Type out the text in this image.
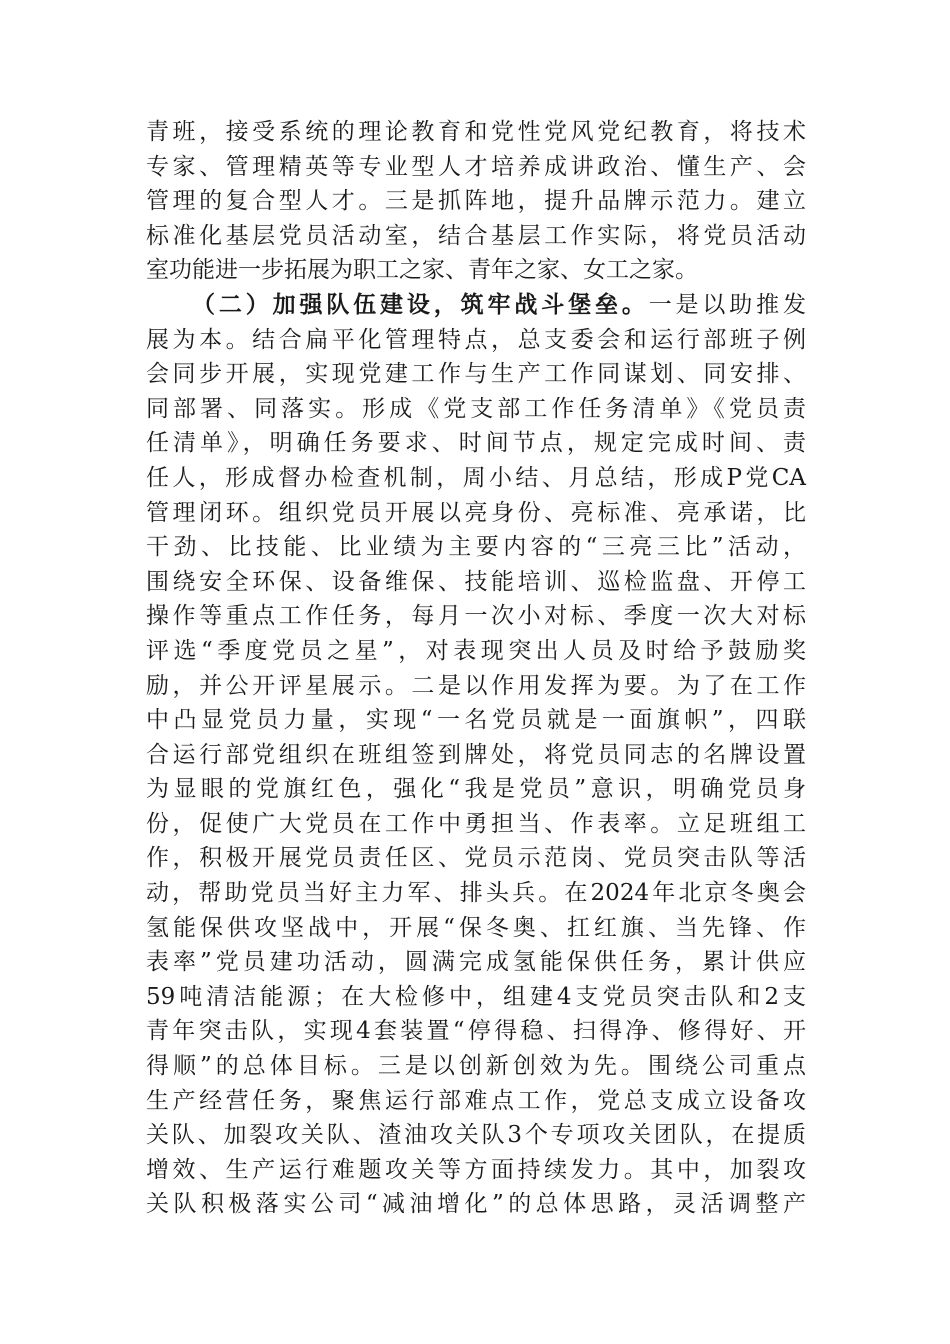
青班，接受系统的理论教育和党性党风党纪教育，将技术
专家、管理精英等专业型人才培养成讲政治、懂生产、会
管理的复合型人才。三是抓阵地，提升品牌示范力。建立
标准化基层党员活动室，结合基层工作实际，将党员活动
室功能进一步拓展为职工之家、青年之家、女工之家。
（二）加强队伍建设，筑牢战斗堡垒。一是以助推发
展为本。结合扁平化管理特点，总支委会和运行部班子例
会同步开展，实现党建工作与生产工作同谋划、同安排、
同部署、同落实。形成《党支部工作任务清单》《党员责
任清单》，明确任务要求、时间节点，规定完成时间、责
任人，形成督办检查机制，周小结、月总结，形成P党CA
管理闭环。组织党员开展以亮身份、亮标准、亮承诺，比
干劲、比技能、比业绩为主要内容的“三亮三比”活动，
围绕安全环保、设备维保、技能培训、巡检监盘、开停工
操作等重点工作任务，每月一次小对标、季度一次大对标
评选“季度党员之星”，对表现突出人员及时给予鼓励奖
励，并公开评星展示。二是以作用发挥为要。为了在工作
中凸显党员力量，实现“一名党员就是一面旗帜”，四联
合运行部党组织在班组签到牌处，将党员同志的名牌设置
为显眼的党旗红色，强化“我是党员”意识，明确党员身
份，促使广大党员在工作中勇担当、作表率。立足班组工
作，积极开展党员责任区、党员示范岗、党员突击队等活
动，帮助党员当好主力军、排头兵。在2024年北京冬奥会
氢能保供攻坚战中，开展“保冬奥、扛红旗、当先锋、作
表率”党员建功活动，圆满完成氢能保供任务，累计供应
59吨清洁能源；在大检修中，组建4支党员突击队和2支
青年突击队，实现4套装置“停得稳、扫得净、修得好、开
得顺”的总体目标。三是以创新创效为先。围绕公司重点
生产经营任务，聚焦运行部难点工作，党总支成立设备攻
关队、加裂攻关队、渣油攻关队3个专项攻关团队，在提质
增效、生产运行难题攻关等方面持续发力。其中，加裂攻
关队积极落实公司“减油增化”的总体思路，灵活调整产
